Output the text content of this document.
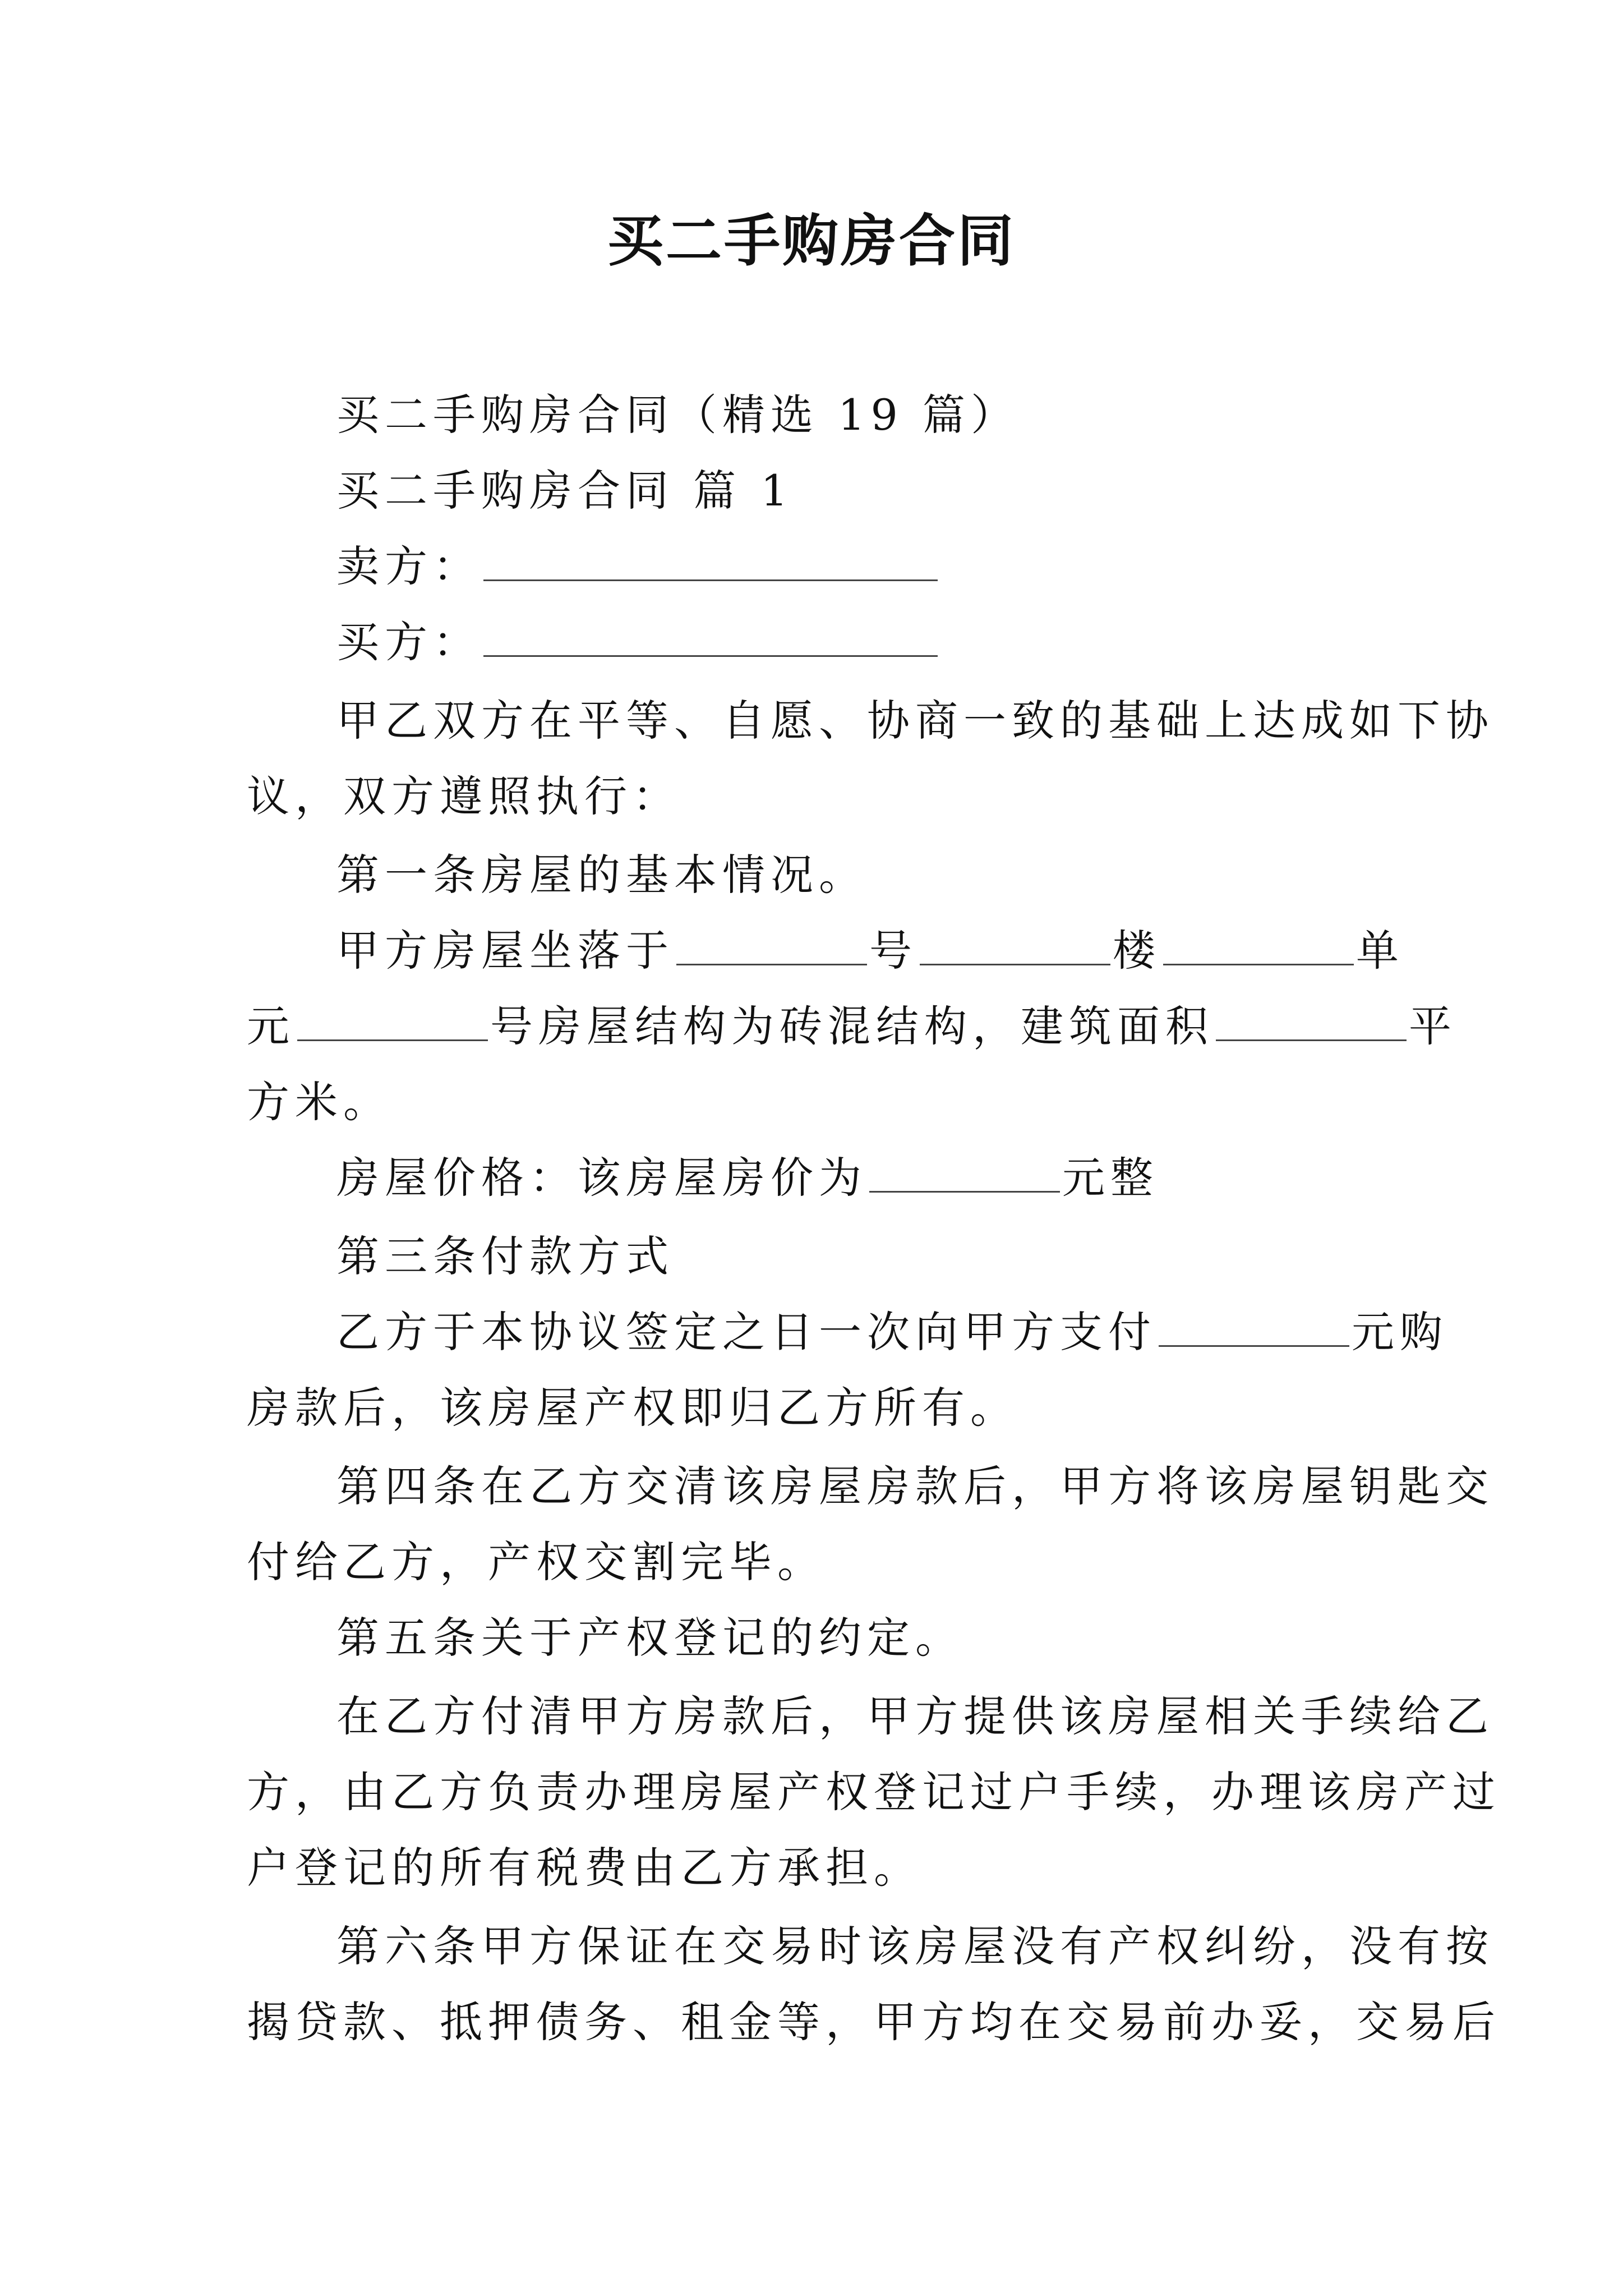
买二手购房合同
买二手购房合同（精选 19 篇）
买二手购房合同 篇 1
卖方：
买方：
甲乙双方在平等、自愿、协商一致的基础上达成如下协
议，双方遵照执行：
第一条房屋的基本情况。
甲方房屋坐落于	号	楼	单
元	号房屋结构为砖混结构，建筑面积	平
方米。
房屋价格：该房屋房价为	元整
第三条付款方式
乙方于本协议签定之日一次向甲方支付	元购
房款后，该房屋产权即归乙方所有。
第四条在乙方交清该房屋房款后，甲方将该房屋钥匙交
付给乙方，产权交割完毕。
第五条关于产权登记的约定。
在乙方付清甲方房款后，甲方提供该房屋相关手续给乙
方，由乙方负责办理房屋产权登记过户手续，办理该房产过
户登记的所有税费由乙方承担。
第六条甲方保证在交易时该房屋没有产权纠纷，没有按
揭贷款、抵押债务、租金等，甲方均在交易前办妥，交易后
